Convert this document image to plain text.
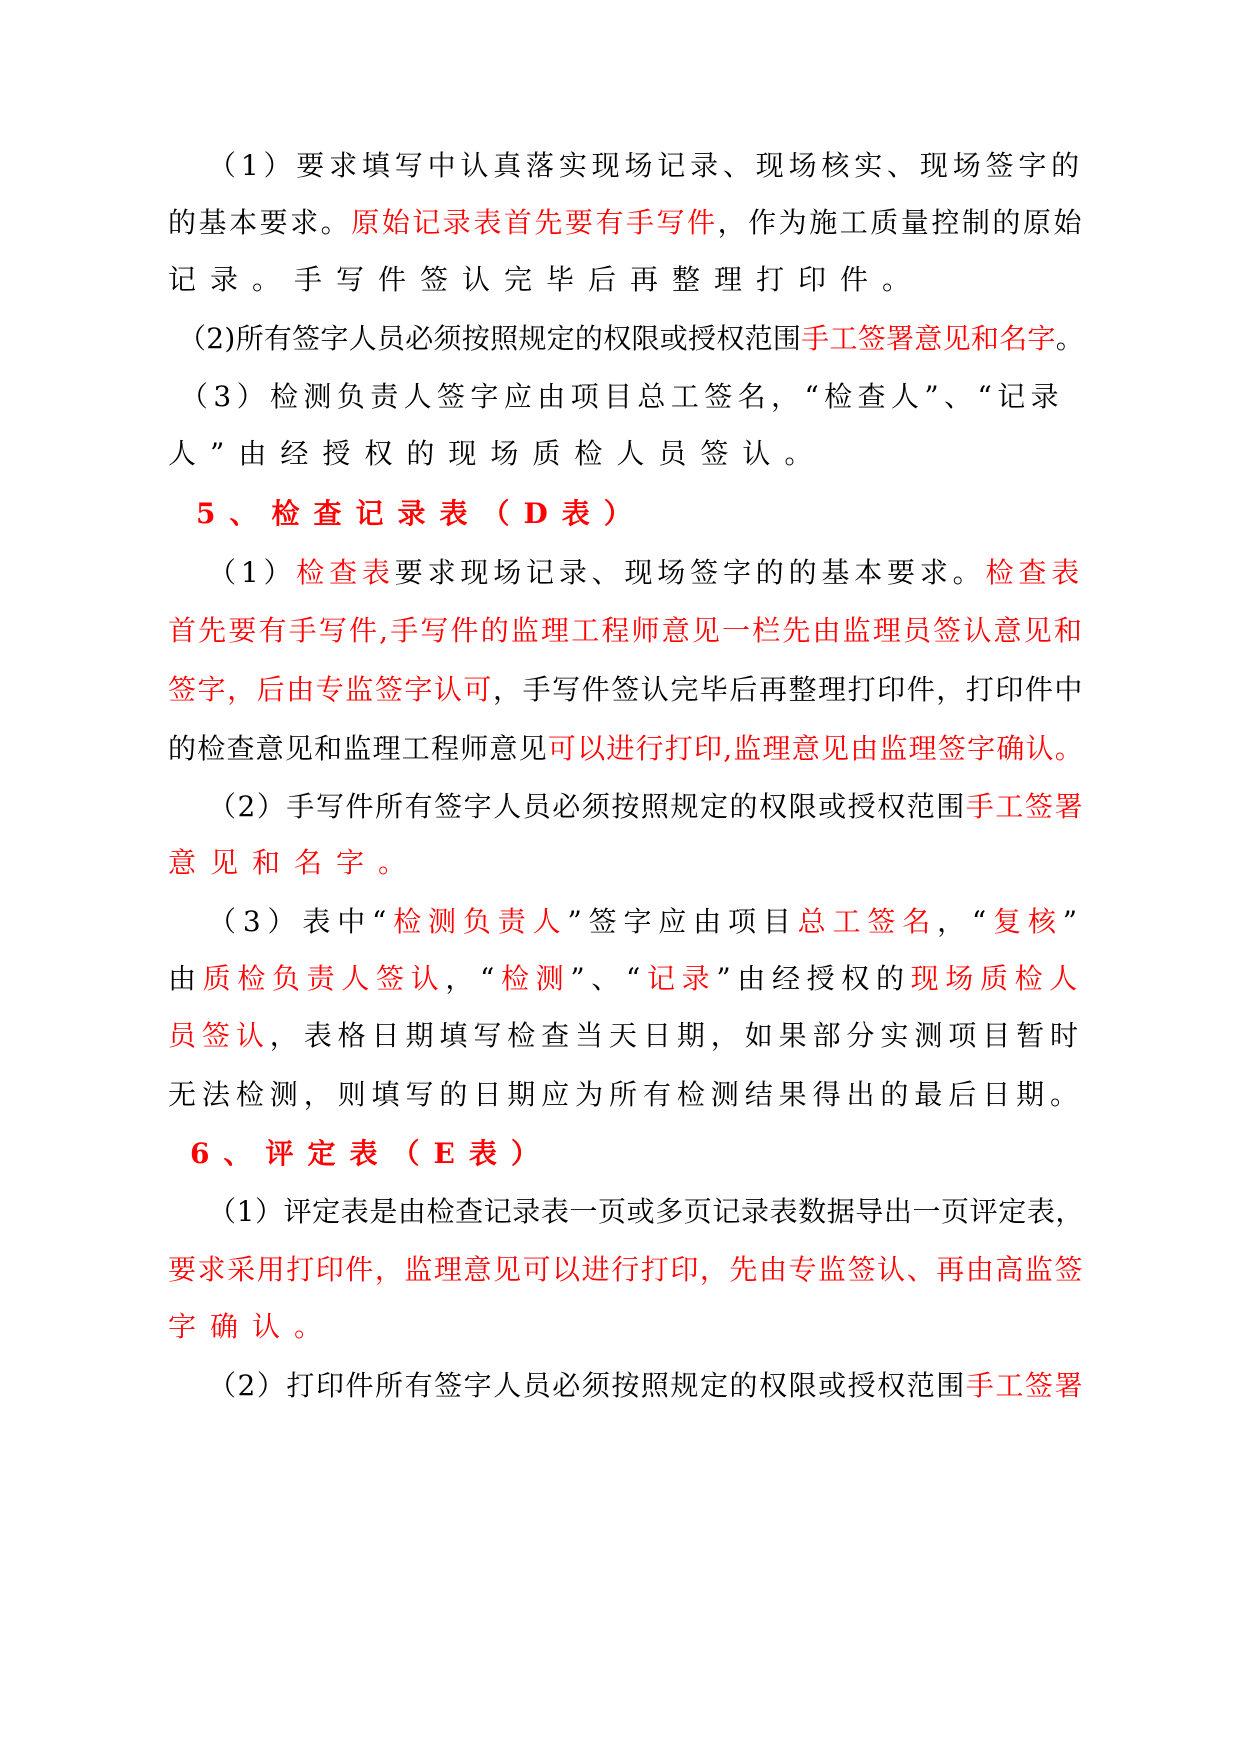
（1）要求填写中认真落实现场记录、现场核实、现场签字的
的基本要求。原始记录表首先要有手写件，作为施工质量控制的原始
记录。手写件签认完毕后再整理打印件。
（2)所有签字人员必须按照规定的权限或授权范围手工签署意见和名字。
（3）检测负责人签字应由项目总工签名，“检查人”、“记录
人”由经授权的现场质检人员签认。
5、检查记录表（D表）
（1）检查表要求现场记录、现场签字的的基本要求。检查表
首先要有手写件,手写件的监理工程师意见一栏先由监理员签认意见和
签字，后由专监签字认可，手写件签认完毕后再整理打印件，打印件中
的检查意见和监理工程师意见可以进行打印,监理意见由监理签字确认。
（2）手写件所有签字人员必须按照规定的权限或授权范围手工签署
意见和名字。
（3）表中“检测负责人”签字应由项目总工签名，“复核”
由质检负责人签认，“检测”、“记录”由经授权的现场质检人
员签认，表格日期填写检查当天日期，如果部分实测项目暂时
无法检测，则填写的日期应为所有检测结果得出的最后日期。
6、评定表（E表）
（1）评定表是由检查记录表一页或多页记录表数据导出一页评定表，
要求采用打印件，监理意见可以进行打印，先由专监签认、再由高监签
字确认。
（2）打印件所有签字人员必须按照规定的权限或授权范围手工签署
